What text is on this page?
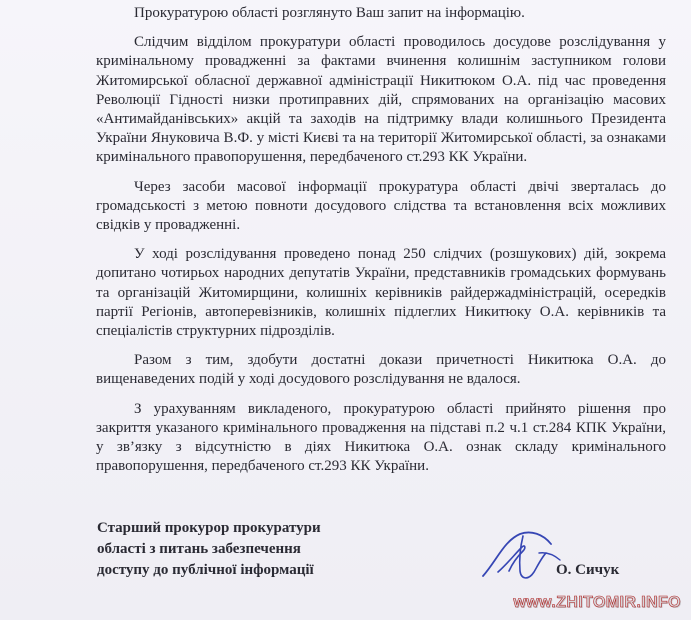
Прокуратурою області розглянуто Ваш запит на інформацію.

Слідчим відділом прокуратури області проводилось досудове розслідування у кримінальному провадженні за фактами вчинення колишнім заступником голови Житомирської обласної державної адміністрації Никитюком О.А. під час проведення Революції Гідності низки протиправних дій, спрямованих на організацію масових «Антимайданівських» акцій та заходів на підтримку влади колишнього Президента України Януковича В.Ф. у місті Києві та на території Житомирської області, за ознаками кримінального правопорушення, передбаченого ст.293 КК України.

Через засоби масової інформації прокуратура області двічі зверталась до громадськості з метою повноти досудового слідства та встановлення всіх можливих свідків у провадженні.

У ході розслідування проведено понад 250 слідчих (розшукових) дій, зокрема допитано чотирьох народних депутатів України, представників громадських формувань та організацій Житомирщини, колишніх керівників райдержадміністрацій, осередків партії Регіонів, автоперевізників, колишніх підлеглих Никитюку О.А. керівників та спеціалістів структурних підрозділів.

Разом з тим, здобути достатні докази причетності Никитюка О.А. до вищенаведених подій у ході досудового розслідування не вдалося.

З урахуванням викладеного, прокуратурою області прийнято рішення про закриття указаного кримінального провадження на підставі п.2 ч.1 ст.284 КПК України, у зв’язку з відсутністю в діях Никитюка О.А. ознак складу кримінального правопорушення, передбаченого ст.293 КК України.

Старший прокурор прокуратури
області з питань забезпечення
доступу до публічної інформації	О. Сичук
www.ZHITOMIR.INFO
